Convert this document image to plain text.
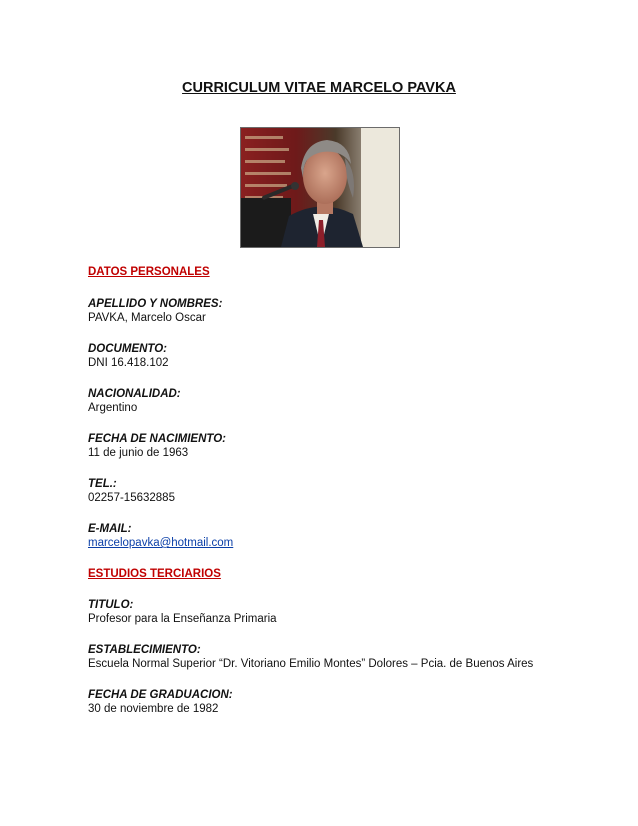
CURRICULUM VITAE MARCELO PAVKA
DATOS PERSONALES
APELLIDO Y NOMBRES:
PAVKA, Marcelo Oscar
DOCUMENTO:
DNI 16.418.102
NACIONALIDAD:
Argentino
FECHA DE NACIMIENTO:
11 de junio de 1963
TEL.:
02257-15632885
E-MAIL:
marcelopavka@hotmail.com
ESTUDIOS TERCIARIOS
TITULO:
Profesor para la Enseñanza Primaria
ESTABLECIMIENTO:
Escuela Normal Superior “Dr. Vitoriano Emilio Montes” Dolores – Pcia. de Buenos Aires
FECHA DE GRADUACION:
30 de noviembre de 1982
